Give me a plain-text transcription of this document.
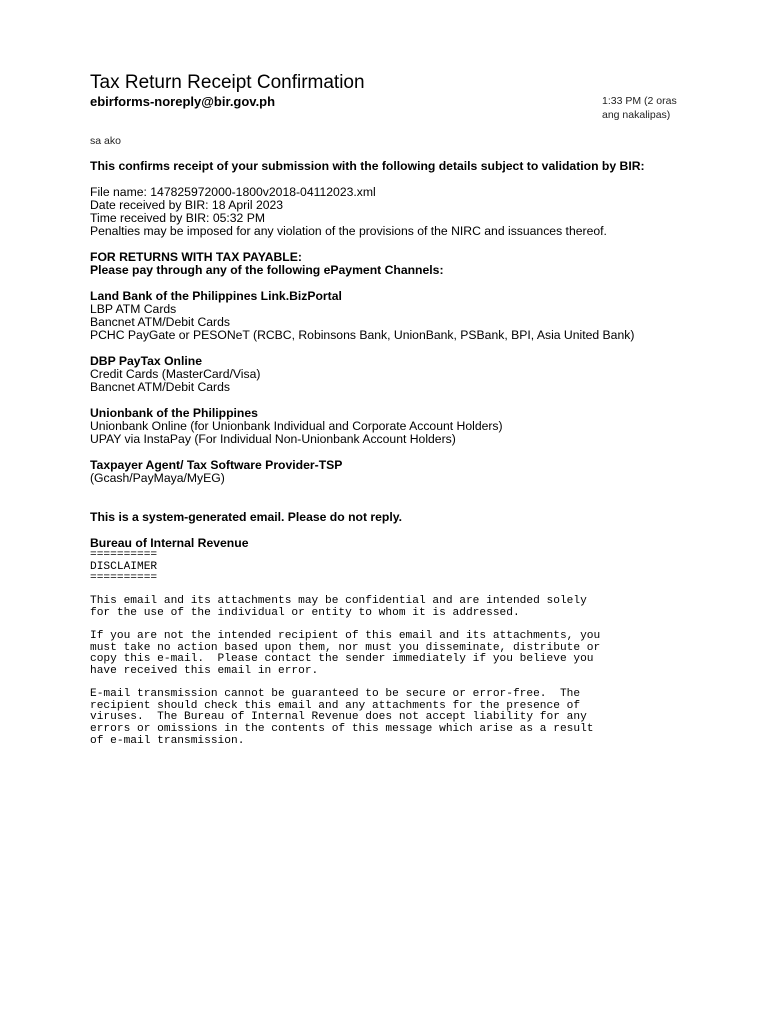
Tax Return Receipt Confirmation
ebirforms-noreply@bir.gov.ph	1:33 PM (2 oras ang nakalipas)
sa ako

This confirms receipt of your submission with the following details subject to validation by BIR:

File name: 147825972000-1800v2018-04112023.xml

Date received by BIR: 18 April 2023

Time received by BIR: 05:32 PM

Penalties may be imposed for any violation of the provisions of the NIRC and issuances thereof.

FOR RETURNS WITH TAX PAYABLE:

Please pay through any of the following ePayment Channels:

Land Bank of the Philippines Link.BizPortal

LBP ATM Cards

Bancnet ATM/Debit Cards

PCHC PayGate or PESONeT (RCBC, Robinsons Bank, UnionBank, PSBank, BPI, Asia United Bank)

DBP PayTax Online

Credit Cards (MasterCard/Visa)

Bancnet ATM/Debit Cards

Unionbank of the Philippines

Unionbank Online (for Unionbank Individual and Corporate Account Holders)

UPAY via InstaPay (For Individual Non-Unionbank Account Holders)

Taxpayer Agent/ Tax Software Provider-TSP

(Gcash/PayMaya/MyEG)

This is a system-generated email. Please do not reply.

Bureau of Internal Revenue

==========

DISCLAIMER

==========

This email and its attachments may be confidential and are intended solely
for the use of the individual or entity to whom it is addressed.

If you are not the intended recipient of this email and its attachments, you
must take no action based upon them, nor must you disseminate, distribute or
copy this e-mail.  Please contact the sender immediately if you believe you
have received this email in error.

E-mail transmission cannot be guaranteed to be secure or error-free.  The
recipient should check this email and any attachments for the presence of
viruses.  The Bureau of Internal Revenue does not accept liability for any
errors or omissions in the contents of this message which arise as a result
of e-mail transmission.
